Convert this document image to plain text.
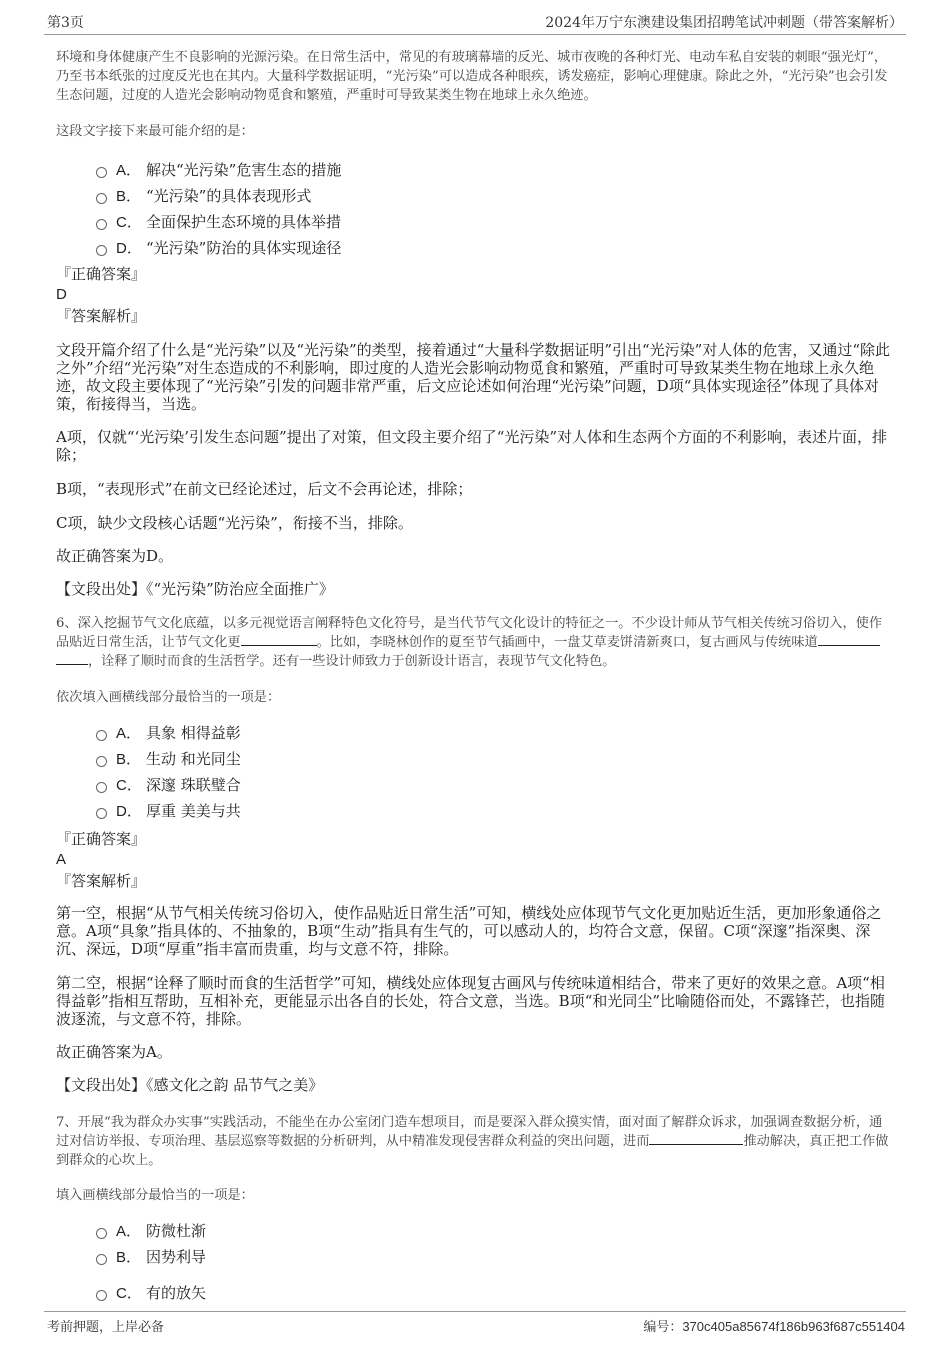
第3页	2024年万宁东澳建设集团招聘笔试冲刺题（带答案解析）

环境和身体健康产生不良影响的光源污染。在日常生活中，常见的有玻璃幕墙的反光、城市夜晚的各种灯光、电动车私自安装的刺眼“强光灯”，乃至书本纸张的过度反光也在其内。大量科学数据证明，“光污染”可以造成各种眼疾，诱发癌症，影响心理健康。除此之外，“光污染”也会引发生态问题，过度的人造光会影响动物觅食和繁殖，严重时可导致某类生物在地球上永久绝迹。

这段文字接下来最可能介绍的是：

A． 解决“光污染”危害生态的措施
B． “光污染”的具体表现形式
C． 全面保护生态环境的具体举措
D． “光污染”防治的具体实现途径

『正确答案』

D

『答案解析』

文段开篇介绍了什么是“光污染”以及“光污染”的类型，接着通过“大量科学数据证明”引出“光污染”对人体的危害，又通过“除此之外”介绍“光污染”对生态造成的不利影响，即过度的人造光会影响动物觅食和繁殖，严重时可导致某类生物在地球上永久绝迹，故文段主要体现了“光污染”引发的问题非常严重，后文应论述如何治理“光污染”问题，D项“具体实现途径”体现了具体对策，衔接得当，当选。

A项，仅就“‘光污染’引发生态问题”提出了对策，但文段主要介绍了“光污染”对人体和生态两个方面的不利影响，表述片面，排除；

B项，“表现形式”在前文已经论述过，后文不会再论述，排除；

C项，缺少文段核心话题“光污染”，衔接不当，排除。

故正确答案为D。

【文段出处】《“光污染”防治应全面推广》

6、深入挖掘节气文化底蕴，以多元视觉语言阐释特色文化符号，是当代节气文化设计的特征之一。不少设计师从节气相关传统习俗切入，使作品贴近日常生活，让节气文化更	。比如，李晓林创作的夏至节气插画中，一盘艾草麦饼清新爽口，复古画风与传统味道
，诠释了顺时而食的生活哲学。还有一些设计师致力于创新设计语言，表现节气文化特色。

依次填入画横线部分最恰当的一项是：

A． 具象 相得益彰
B． 生动 和光同尘
C． 深邃 珠联璧合
D． 厚重 美美与共

『正确答案』

A

『答案解析』

第一空，根据“从节气相关传统习俗切入，使作品贴近日常生活”可知，横线处应体现节气文化更加贴近生活，更加形象通俗之意。A项“具象”指具体的、不抽象的，B项“生动”指具有生气的，可以感动人的，均符合文意，保留。C项“深邃”指深奥、深沉、深远，D项“厚重”指丰富而贵重，均与文意不符，排除。

第二空，根据“诠释了顺时而食的生活哲学”可知，横线处应体现复古画风与传统味道相结合，带来了更好的效果之意。A项“相得益彰”指相互帮助，互相补充，更能显示出各自的长处，符合文意，当选。B项“和光同尘”比喻随俗而处，不露锋芒，也指随波逐流，与文意不符，排除。

故正确答案为A。

【文段出处】《感文化之韵 品节气之美》

7、开展“我为群众办实事”实践活动，不能坐在办公室闭门造车想项目，而是要深入群众摸实情，面对面了解群众诉求，加强调查数据分析，通过对信访举报、专项治理、基层巡察等数据的分析研判，从中精准发现侵害群众利益的突出问题，进而	推动解决，真正把工作做到群众的心坎上。

填入画横线部分最恰当的一项是：

A． 防微杜渐
B． 因势利导
C． 有的放矢
考前押题，上岸必备	编号：370c405a85674f186b963f687c551404
